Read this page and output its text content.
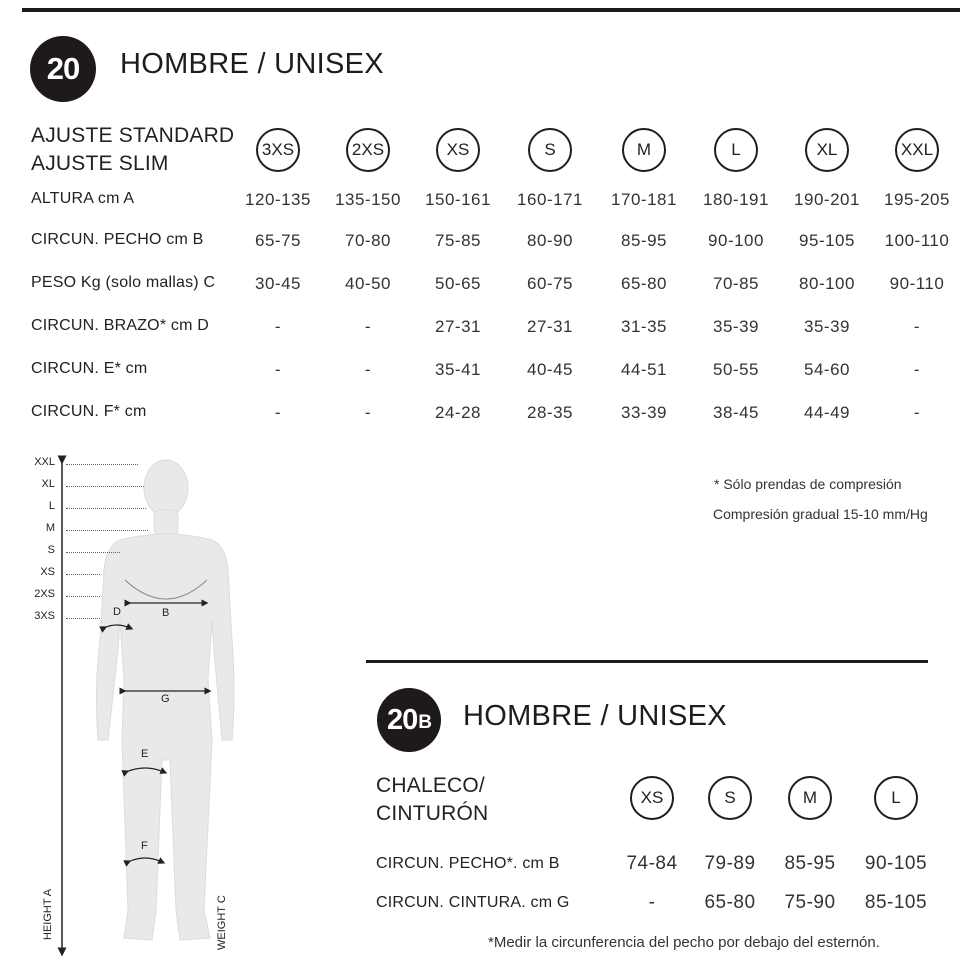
20 HOMBRE / UNISEX
AJUSTE STANDARD
AJUSTE SLIM
3XS	2XS	XS	S	M	L	XL	XXL
ALTURA cm A	120-135	135-150	150-161	160-171	170-181	180-191	190-201	195-205
CIRCUN. PECHO cm B	65-75	70-80	75-85	80-90	85-95	90-100	95-105	100-110
PESO Kg (solo mallas) C	30-45	40-50	50-65	60-75	65-80	70-85	80-100	90-110
CIRCUN. BRAZO* cm D	-	-	27-31	27-31	31-35	35-39	35-39	-
CIRCUN. E* cm	-	-	35-41	40-45	44-51	50-55	54-60	-
CIRCUN. F* cm	-	-	24-28	28-35	33-39	38-45	44-49	-
* Sólo prendas de compresión
Compresión gradual 15-10 mm/Hg
XXL
XL
L
M
S
XS
2XS
3XS	B
D
G
E
F
HEIGHT A	WEIGHT C
20 B HOMBRE / UNISEX
CHALECO/
CINTURÓN
XS	S	M	L
CIRCUN. PECHO*. cm B	74-84	79-89	85-95	90-105
CIRCUN. CINTURA. cm G	-	65-80	75-90	85-105
*Medir la circunferencia del pecho por debajo del esternón.
